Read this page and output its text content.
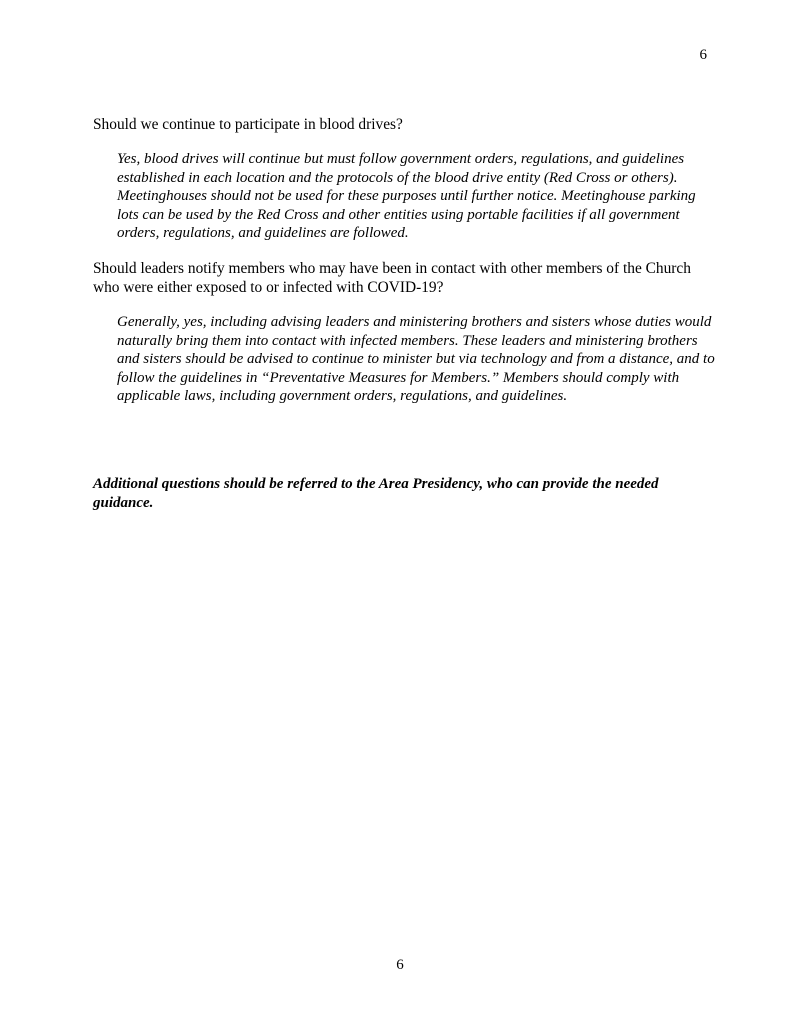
6
Should we continue to participate in blood drives?
Yes, blood drives will continue but must follow government orders, regulations, and guidelines established in each location and the protocols of the blood drive entity (Red Cross or others). Meetinghouses should not be used for these purposes until further notice. Meetinghouse parking lots can be used by the Red Cross and other entities using portable facilities if all government orders, regulations, and guidelines are followed.
Should leaders notify members who may have been in contact with other members of the Church who were either exposed to or infected with COVID-19?
Generally, yes, including advising leaders and ministering brothers and sisters whose duties would naturally bring them into contact with infected members. These leaders and ministering brothers and sisters should be advised to continue to minister but via technology and from a distance, and to follow the guidelines in “Preventative Measures for Members.” Members should comply with applicable laws, including government orders, regulations, and guidelines.
Additional questions should be referred to the Area Presidency, who can provide the needed guidance.
6
